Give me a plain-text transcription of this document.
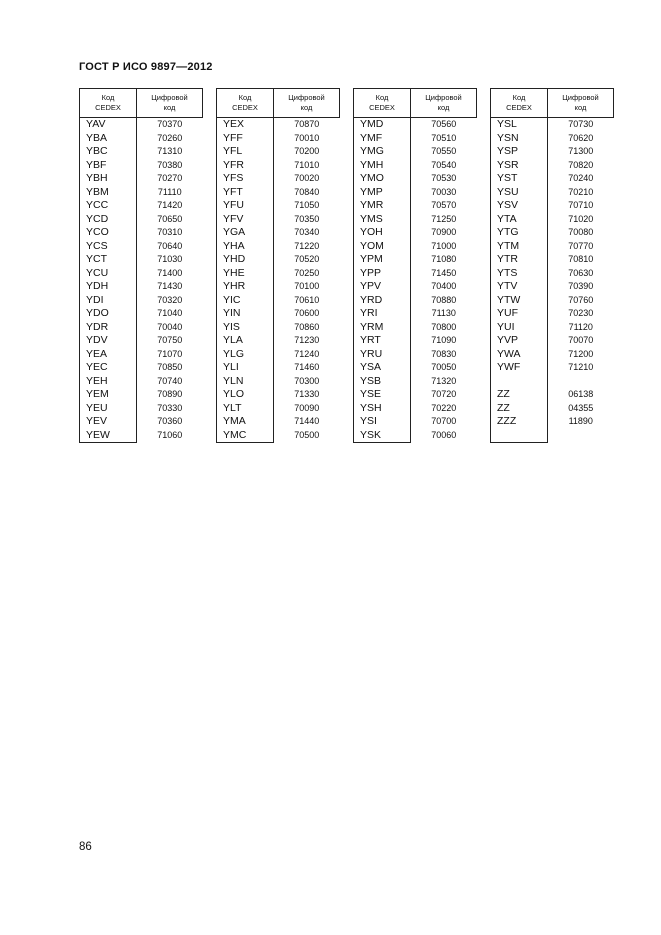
ГОСТ Р ИСО 9897—2012
Код
CEDEX	Цифровой
код
YAV	70370
YBA	70260
YBC	71310
YBF	70380
YBH	70270
YBM	71110
YCC	71420
YCD	70650
YCO	70310
YCS	70640
YCT	71030
YCU	71400
YDH	71430
YDI	70320
YDO	71040
YDR	70040
YDV	70750
YEA	71070
YEC	70850
YEH	70740
YEM	70890
YEU	70330
YEV	70360
YEW	71060
Код
CEDEX	Цифровой
код
YEX	70870
YFF	70010
YFL	70200
YFR	71010
YFS	70020
YFT	70840
YFU	71050
YFV	70350
YGA	70340
YHA	71220
YHD	70520
YHE	70250
YHR	70100
YIC	70610
YIN	70600
YIS	70860
YLA	71230
YLG	71240
YLI	71460
YLN	70300
YLO	71330
YLT	70090
YMA	71440
YMC	70500
Код
CEDEX	Цифровой
код
YMD	70560
YMF	70510
YMG	70550
YMH	70540
YMO	70530
YMP	70030
YMR	70570
YMS	71250
YOH	70900
YOM	71000
YPM	71080
YPP	71450
YPV	70400
YRD	70880
YRI	71130
YRM	70800
YRT	71090
YRU	70830
YSA	70050
YSB	71320
YSE	70720
YSH	70220
YSI	70700
YSK	70060
Код
CEDEX	Цифровой
код
YSL	70730
YSN	70620
YSP	71300
YSR	70820
YST	70240
YSU	70210
YSV	70710
YTA	71020
YTG	70080
YTM	70770
YTR	70810
YTS	70630
YTV	70390
YTW	70760
YUF	70230
YUI	71120
YVP	70070
YWA	71200
YWF	71210

ZZ	06138
ZZ	04355
ZZZ	11890

86
